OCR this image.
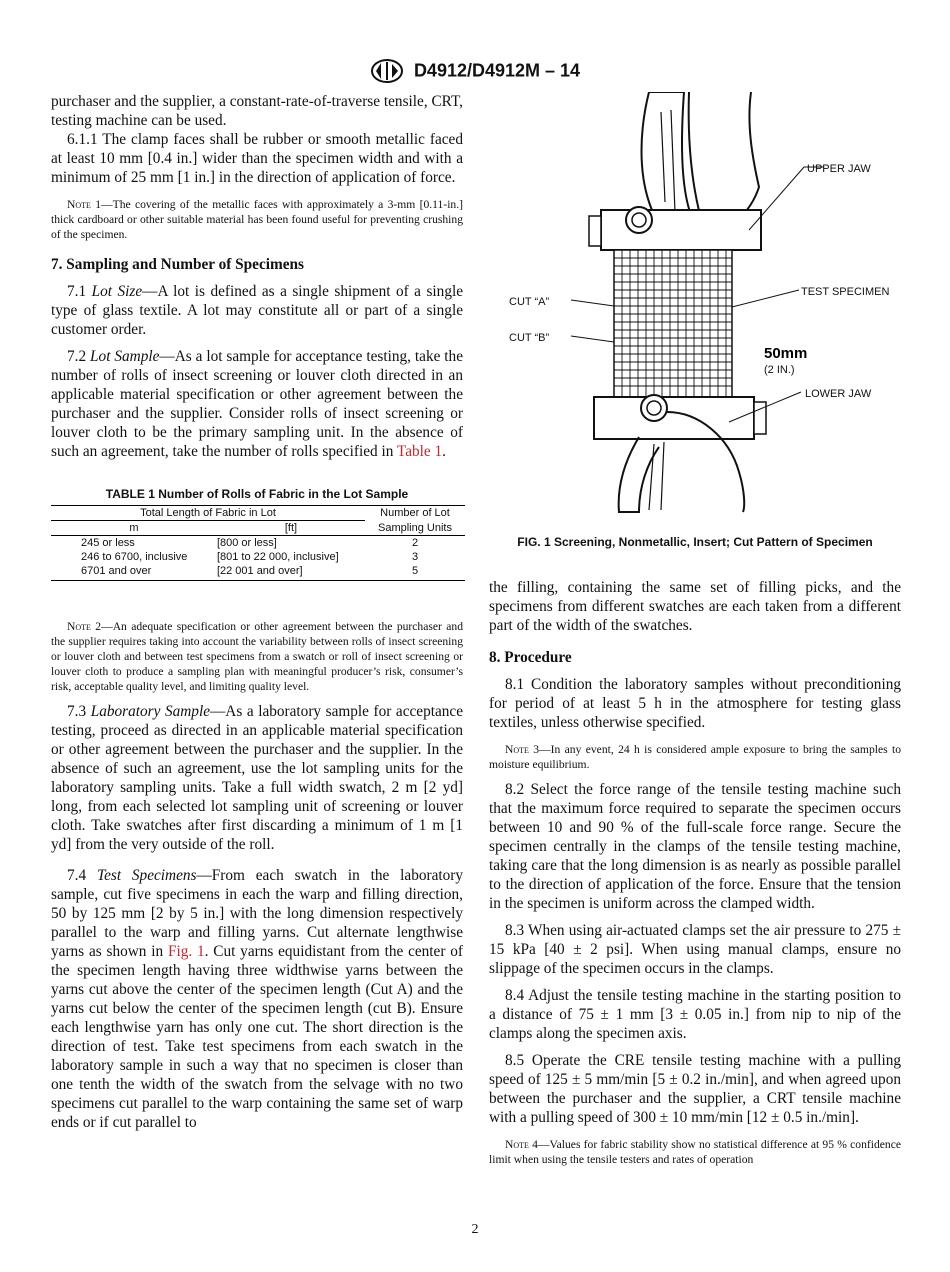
D4912/D4912M – 14

purchaser and the supplier, a constant-rate-of-traverse tensile, CRT, testing machine can be used.

6.1.1 The clamp faces shall be rubber or smooth metallic faced at least 10 mm [0.4 in.] wider than the specimen width and with a minimum of 25 mm [1 in.] in the direction of application of force.

Note 1—The covering of the metallic faces with approximately a 3-mm [0.11-in.] thick cardboard or other suitable material has been found useful for preventing crushing of the specimen.

7. Sampling and Number of Specimens

7.1 Lot Size—A lot is defined as a single shipment of a single type of glass textile. A lot may constitute all or part of a single customer order.

7.2 Lot Sample—As a lot sample for acceptance testing, take the number of rolls of insect screening or louver cloth directed in an applicable material specification or other agreement between the purchaser and the supplier. Consider rolls of insect screening or louver cloth to be the primary sampling unit. In the absence of such an agreement, take the number of rolls specified in Table 1.

TABLE 1 Number of Rolls of Fabric in the Lot Sample
Total Length of Fabric in Lot		Number of Lot
m	[ft]	Sampling Units
245 or less	[800 or less]	2
246 to 6700, inclusive	[801 to 22 000, inclusive]	3
6701 and over	[22 001 and over]	5

Note 2—An adequate specification or other agreement between the purchaser and the supplier requires taking into account the variability between rolls of insect screening or louver cloth and between test specimens from a swatch or roll of insect screening or louver cloth to produce a sampling plan with meaningful producer’s risk, consumer’s risk, acceptable quality level, and limiting quality level.

7.3 Laboratory Sample—As a laboratory sample for acceptance testing, proceed as directed in an applicable material specification or other agreement between the purchaser and the supplier. In the absence of such an agreement, use the lot sampling units for the laboratory sampling units. Take a full width swatch, 2 m [2 yd] long, from each selected lot sampling unit of screening or louver cloth. Take swatches after first discarding a minimum of 1 m [1 yd] from the very outside of the roll.

7.4 Test Specimens—From each swatch in the laboratory sample, cut five specimens in each the warp and filling direction, 50 by 125 mm [2 by 5 in.] with the long dimension respectively parallel to the warp and filling yarns. Cut alternate lengthwise yarns as shown in Fig. 1. Cut yarns equidistant from the center of the specimen length having three widthwise yarns between the yarns cut above the center of the specimen length (Cut A) and the yarns cut below the center of the specimen length (cut B). Ensure each lengthwise yarn has only one cut. The short direction is the direction of test. Take test specimens from each swatch in the laboratory sample in such a way that no specimen is closer than one tenth the width of the swatch from the selvage with no two specimens cut parallel to the warp containing the same set of warp ends or if cut parallel to

UPPER JAW
TEST SPECIMEN
CUT “A”
CUT “B”
50mm
(2 IN.)
LOWER JAW
FIG. 1 Screening, Nonmetallic, Insert; Cut Pattern of Specimen

the filling, containing the same set of filling picks, and the specimens from different swatches are each taken from a different part of the width of the swatches.

8. Procedure

8.1 Condition the laboratory samples without preconditioning for period of at least 5 h in the atmosphere for testing glass textiles, unless otherwise specified.

Note 3—In any event, 24 h is considered ample exposure to bring the samples to moisture equilibrium.

8.2 Select the force range of the tensile testing machine such that the maximum force required to separate the specimen occurs between 10 and 90 % of the full-scale force range. Secure the specimen centrally in the clamps of the tensile testing machine, taking care that the long dimension is as nearly as possible parallel to the direction of application of the force. Ensure that the tension in the specimen is uniform across the clamped width.

8.3 When using air-actuated clamps set the air pressure to 275 ± 15 kPa [40 ± 2 psi]. When using manual clamps, ensure no slippage of the specimen occurs in the clamps.

8.4 Adjust the tensile testing machine in the starting position to a distance of 75 ± 1 mm [3 ± 0.05 in.] from nip to nip of the clamps along the specimen axis.

8.5 Operate the CRE tensile testing machine with a pulling speed of 125 ± 5 mm/min [5 ± 0.2 in./min], and when agreed upon between the purchaser and the supplier, a CRT tensile machine with a pulling speed of 300 ± 10 mm/min [12 ± 0.5 in./min].

Note 4—Values for fabric stability show no statistical difference at 95 % confidence limit when using the tensile testers and rates of operation

2
